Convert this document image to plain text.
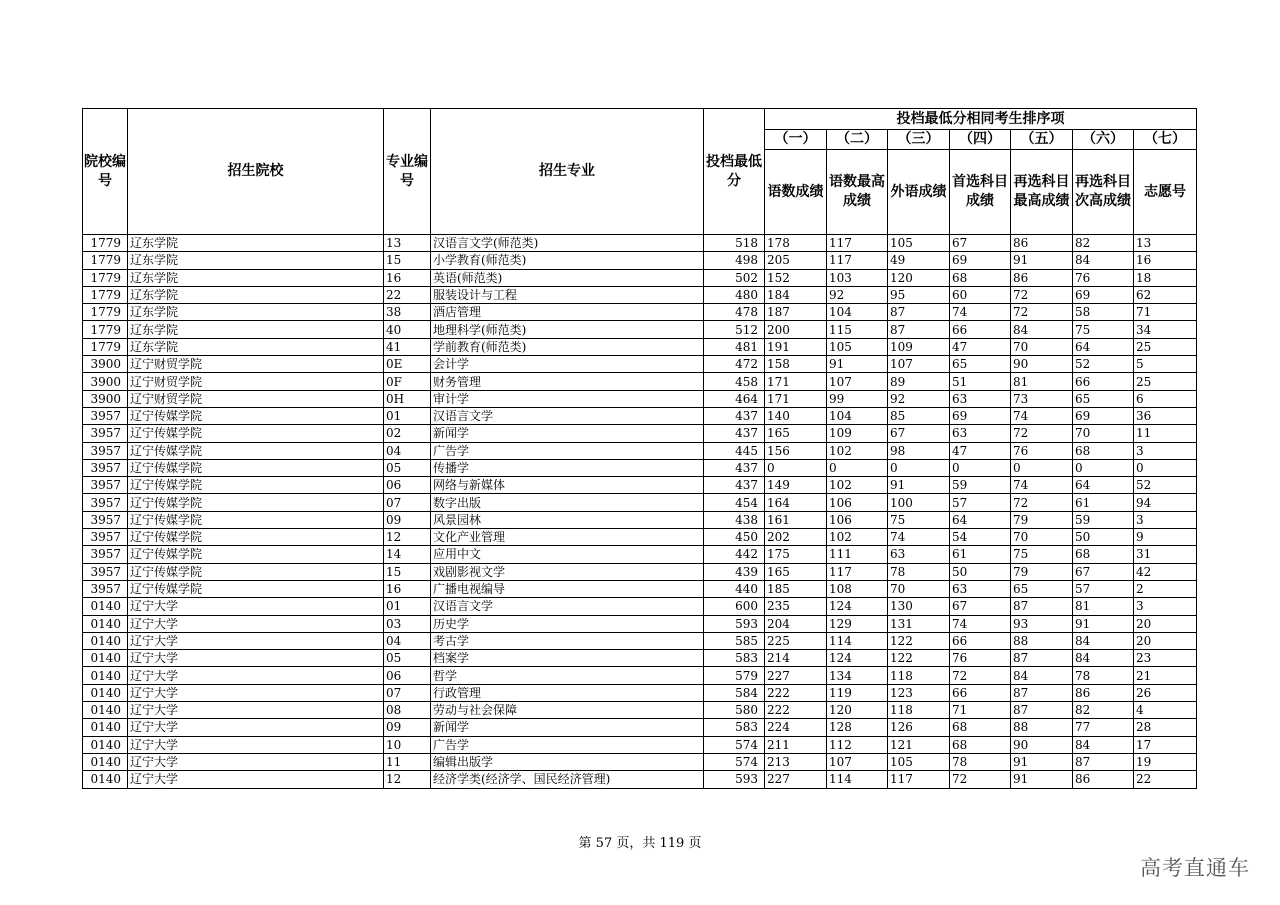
院校编号	招生院校	专业编号	招生专业	投档最低分	投档最低分相同考生排序项						
					（一）	（二）	（三）	（四）	（五）	（六）	（七）
					语数成绩	语数最高成绩	外语成绩	首选科目成绩	再选科目最高成绩	再选科目次高成绩	志愿号
1779	辽东学院	13	汉语言文学(师范类)	518	178	117	105	67	86	82	13
1779	辽东学院	15	小学教育(师范类)	498	205	117	49	69	91	84	16
1779	辽东学院	16	英语(师范类)	502	152	103	120	68	86	76	18
1779	辽东学院	22	服装设计与工程	480	184	92	95	60	72	69	62
1779	辽东学院	38	酒店管理	478	187	104	87	74	72	58	71
1779	辽东学院	40	地理科学(师范类)	512	200	115	87	66	84	75	34
1779	辽东学院	41	学前教育(师范类)	481	191	105	109	47	70	64	25
3900	辽宁财贸学院	0E	会计学	472	158	91	107	65	90	52	5
3900	辽宁财贸学院	0F	财务管理	458	171	107	89	51	81	66	25
3900	辽宁财贸学院	0H	审计学	464	171	99	92	63	73	65	6
3957	辽宁传媒学院	01	汉语言文学	437	140	104	85	69	74	69	36
3957	辽宁传媒学院	02	新闻学	437	165	109	67	63	72	70	11
3957	辽宁传媒学院	04	广告学	445	156	102	98	47	76	68	3
3957	辽宁传媒学院	05	传播学	437	0	0	0	0	0	0	0
3957	辽宁传媒学院	06	网络与新媒体	437	149	102	91	59	74	64	52
3957	辽宁传媒学院	07	数字出版	454	164	106	100	57	72	61	94
3957	辽宁传媒学院	09	风景园林	438	161	106	75	64	79	59	3
3957	辽宁传媒学院	12	文化产业管理	450	202	102	74	54	70	50	9
3957	辽宁传媒学院	14	应用中文	442	175	111	63	61	75	68	31
3957	辽宁传媒学院	15	戏剧影视文学	439	165	117	78	50	79	67	42
3957	辽宁传媒学院	16	广播电视编导	440	185	108	70	63	65	57	2
0140	辽宁大学	01	汉语言文学	600	235	124	130	67	87	81	3
0140	辽宁大学	03	历史学	593	204	129	131	74	93	91	20
0140	辽宁大学	04	考古学	585	225	114	122	66	88	84	20
0140	辽宁大学	05	档案学	583	214	124	122	76	87	84	23
0140	辽宁大学	06	哲学	579	227	134	118	72	84	78	21
0140	辽宁大学	07	行政管理	584	222	119	123	66	87	86	26
0140	辽宁大学	08	劳动与社会保障	580	222	120	118	71	87	82	4
0140	辽宁大学	09	新闻学	583	224	128	126	68	88	77	28
0140	辽宁大学	10	广告学	574	211	112	121	68	90	84	17
0140	辽宁大学	11	编辑出版学	574	213	107	105	78	91	87	19
0140	辽宁大学	12	经济学类(经济学、国民经济管理)	593	227	114	117	72	91	86	22
第 57 页，共 119 页
高考直通车
